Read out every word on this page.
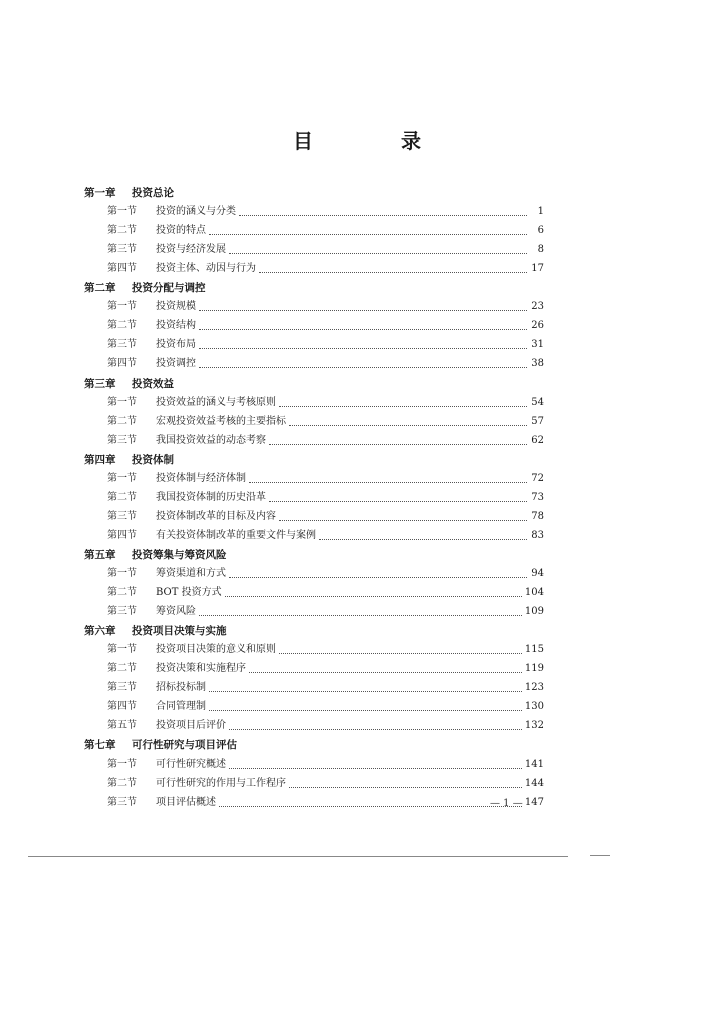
目	录
第一章 投资总论
第一节	投资的涵义与分类	1
第二节	投资的特点	6
第三节	投资与经济发展	8
第四节	投资主体、动因与行为	17
第二章 投资分配与调控
第一节	投资规模	23
第二节	投资结构	26
第三节	投资布局	31
第四节	投资调控	38
第三章 投资效益
第一节	投资效益的涵义与考核原则	54
第二节	宏观投资效益考核的主要指标	57
第三节	我国投资效益的动态考察	62
第四章 投资体制
第一节	投资体制与经济体制	72
第二节	我国投资体制的历史沿革	73
第三节	投资体制改革的目标及内容	78
第四节	有关投资体制改革的重要文件与案例	83
第五章 投资筹集与筹资风险
第一节	筹资渠道和方式	94
第二节	BOT 投资方式	104
第三节	筹资风险	109
第六章 投资项目决策与实施
第一节	投资项目决策的意义和原则	115
第二节	投资决策和实施程序	119
第三节	招标投标制	123
第四节	合同管理制	130
第五节	投资项目后评价	132
第七章 可行性研究与项目评估
第一节	可行性研究概述	141
第二节	可行性研究的作用与工作程序	144
第三节	项目评估概述	147
— 1 —
